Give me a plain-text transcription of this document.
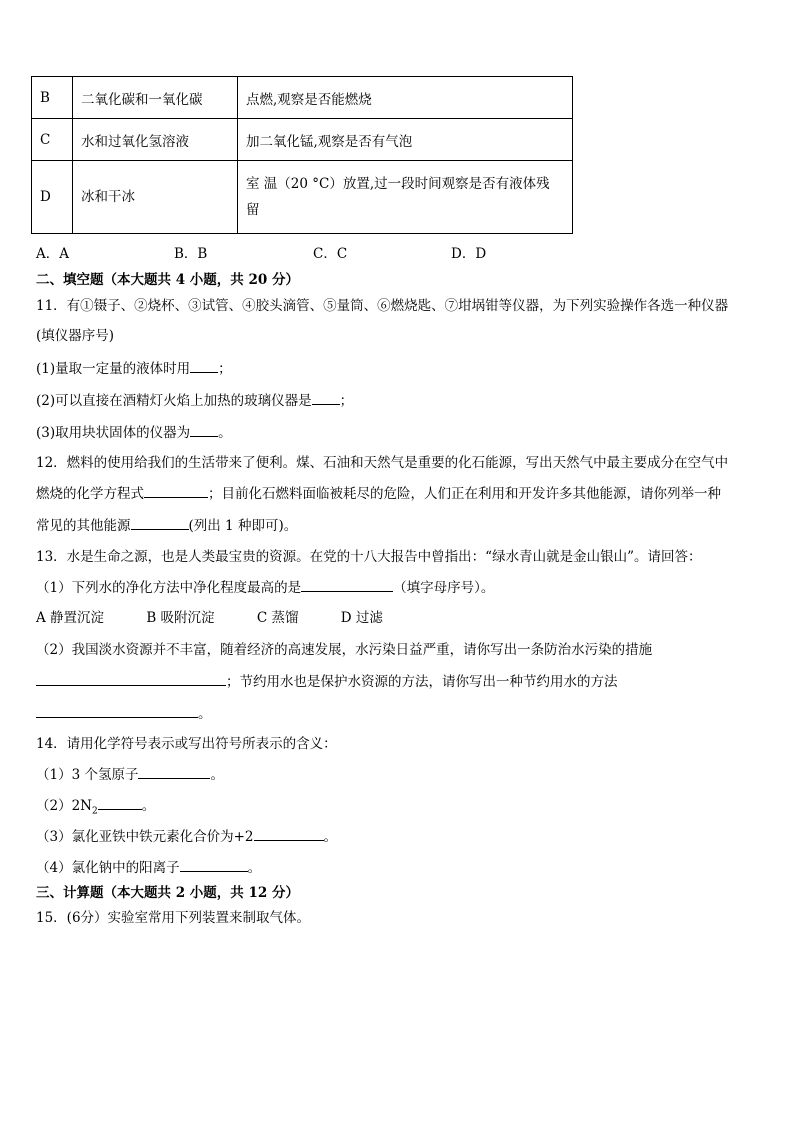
B	二氧化碳和一氧化碳	点燃,观察是否能燃烧
C	水和过氧化氢溶液	加二氧化锰,观察是否有气泡
D	冰和干冰	室 温（20 °C）放置,过一段时间观察是否有液体残
留
A．A	B．B	C．C	D．D
二、填空题（本大题共 4 小题，共 20 分）
11．有①镊子、②烧杯、③试管、④胶头滴管、⑤量筒、⑥燃烧匙、⑦坩埚钳等仪器，为下列实验操作各选一种仪器
(填仪器序号)
(1)量取一定量的液体时用 ；
(2)可以直接在酒精灯火焰上加热的玻璃仪器是 ；
(3)取用块状固体的仪器为 。
12．燃料的使用给我们的生活带来了便利。煤、石油和天然气是重要的化石能源，写出天然气中最主要成分在空气中
燃烧的化学方程式	；目前化石燃料面临被耗尽的危险，人们正在利用和开发许多其他能源，请你列举一种
常见的其他能源	(列出 1 种即可)。
13．水是生命之源，也是人类最宝贵的资源。在党的十八大报告中曾指出：“绿水青山就是金山银山”。请回答：
（1）下列水的净化方法中净化程度最高的是	（填字母序号）。
A 静置沉淀	B 吸附沉淀	C 蒸馏	D 过滤
（2）我国淡水资源并不丰富，随着经济的高速发展，水污染日益严重，请你写出一条防治水污染的措施
；节约用水也是保护水资源的方法，请你写出一种节约用水的方法
。
14．请用化学符号表示或写出符号所表示的含义：
（1）3 个氢原子	。
$(2)2N_2$	。
（3）氯化亚铁中铁元素化合价为+2	。
（4）氯化钠中的阳离子	。
三、计算题（本大题共 2 小题，共 12 分）
15．(6分）实验室常用下列装置来制取气体。
